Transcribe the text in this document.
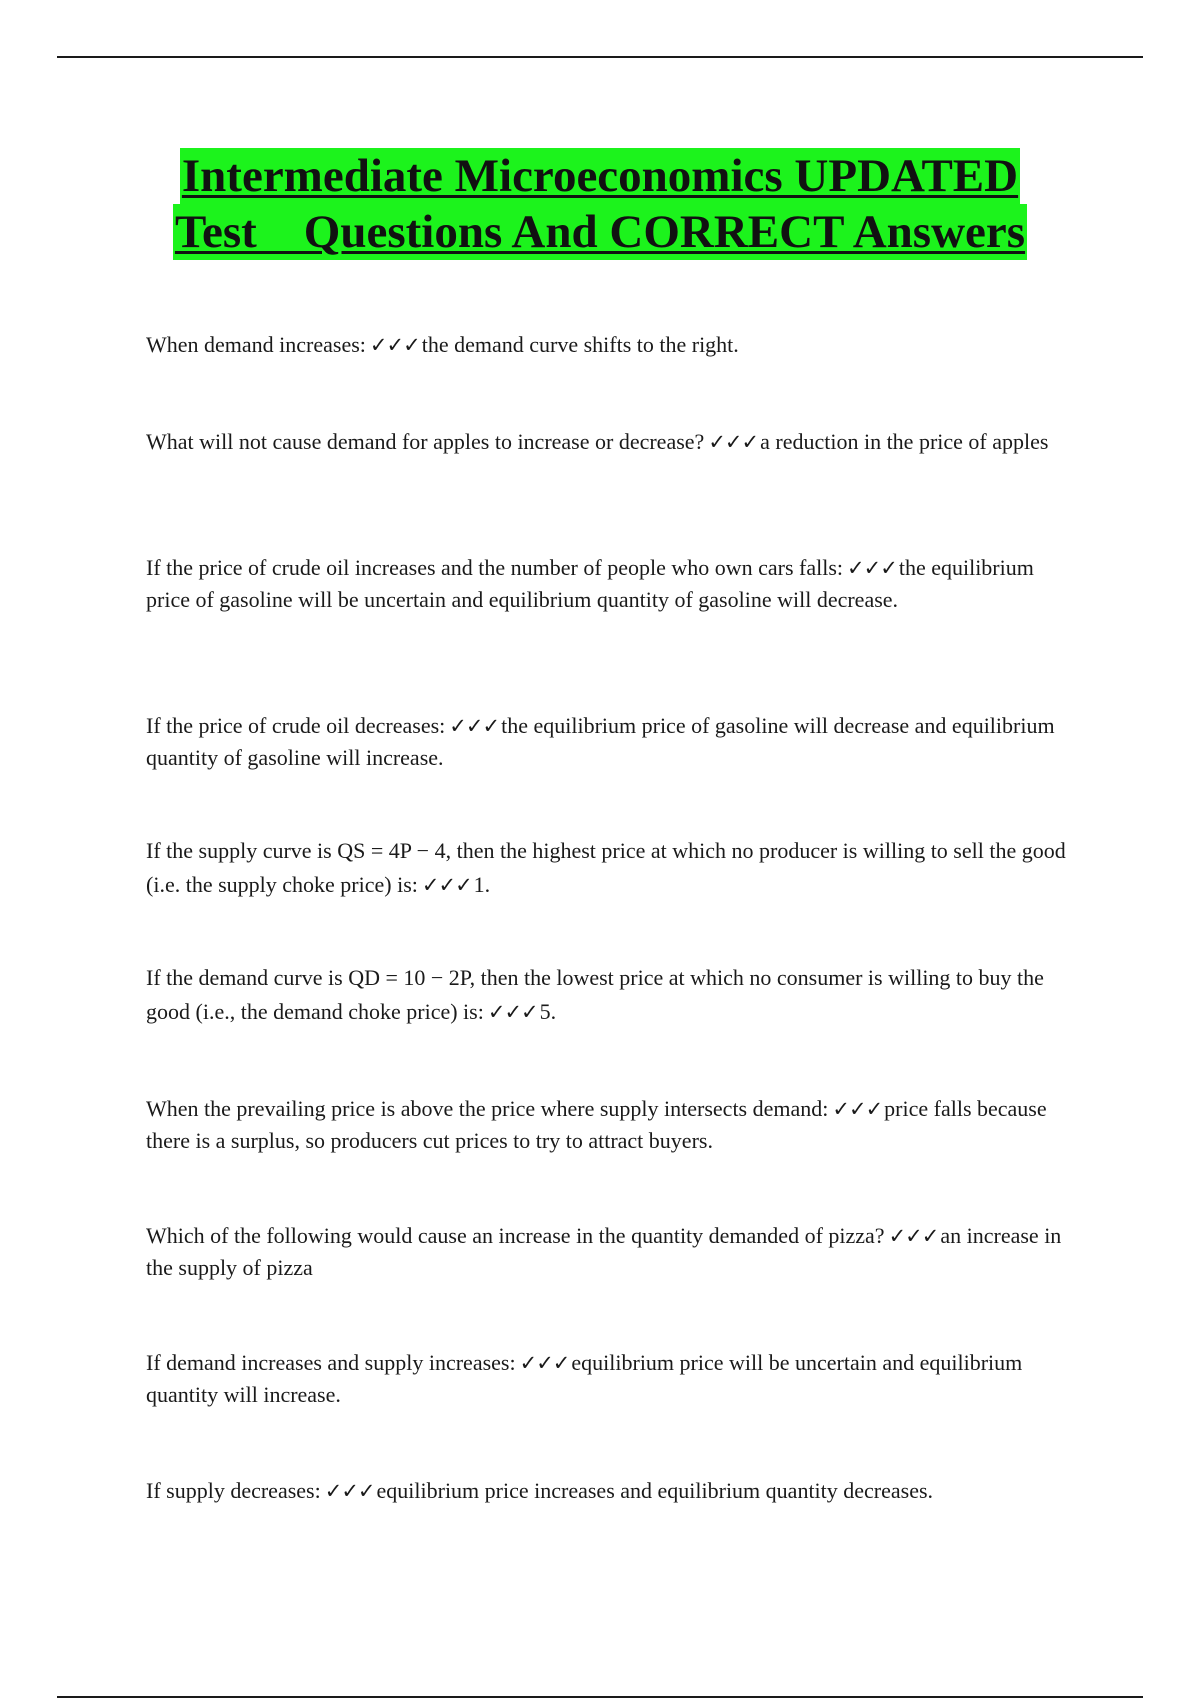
Intermediate Microeconomics UPDATED
Test    Questions And CORRECT Answers
When demand increases: ✓✓✓the demand curve shifts to the right.
What will not cause demand for apples to increase or decrease? ✓✓✓a reduction in the price of apples
If the price of crude oil increases and the number of people who own cars falls: ✓✓✓the equilibrium price of gasoline will be uncertain and equilibrium quantity of gasoline will decrease.
If the price of crude oil decreases: ✓✓✓the equilibrium price of gasoline will decrease and equilibrium quantity of gasoline will increase.
If the supply curve is QS = 4P − 4, then the highest price at which no producer is willing to sell the good (i.e. the supply choke price) is: ✓✓✓1.
If the demand curve is QD = 10 − 2P, then the lowest price at which no consumer is willing to buy the good (i.e., the demand choke price) is: ✓✓✓5.
When the prevailing price is above the price where supply intersects demand: ✓✓✓price falls because there is a surplus, so producers cut prices to try to attract buyers.
Which of the following would cause an increase in the quantity demanded of pizza? ✓✓✓an increase in the supply of pizza
If demand increases and supply increases: ✓✓✓equilibrium price will be uncertain and equilibrium quantity will increase.
If supply decreases: ✓✓✓equilibrium price increases and equilibrium quantity decreases.
